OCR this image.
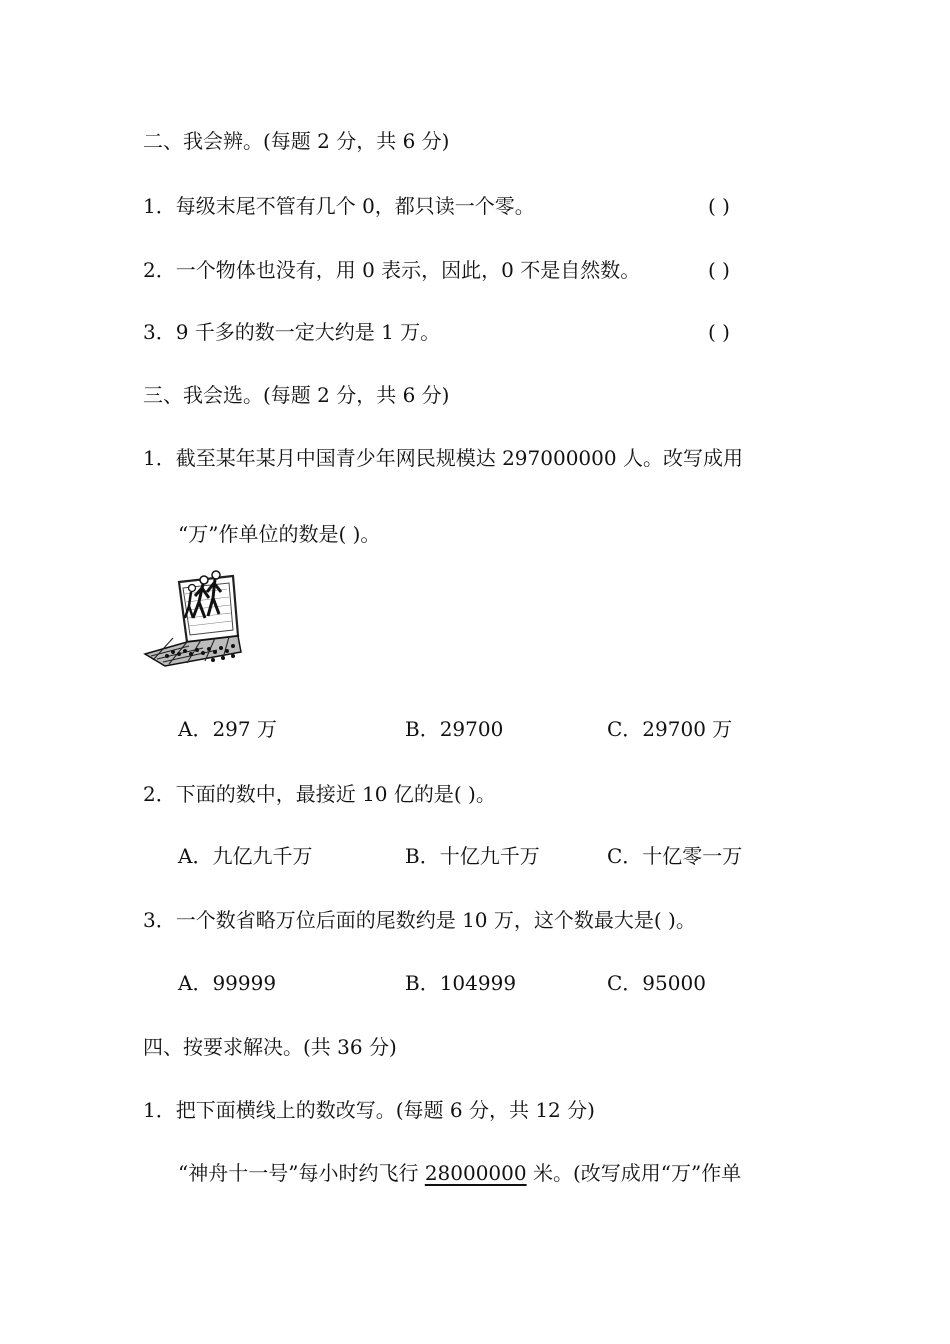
二、我会辨。(每题 2 分，共 6 分)
1．每级末尾不管有几个 0，都只读一个零。	( )
2．一个物体也没有，用 0 表示，因此，0 不是自然数。	( )
3．9 千多的数一定大约是 1 万。	( )
三、我会选。(每题 2 分，共 6 分)
1．截至某年某月中国青少年网民规模达 297000000 人。改写成用
“万”作单位的数是( )。
A．297 万	B．29700	C．29700 万
2．下面的数中，最接近 10 亿的是( )。
A．九亿九千万	B．十亿九千万	C．十亿零一万
3．一个数省略万位后面的尾数约是 10 万，这个数最大是( )。
A．99999	B．104999	C．95000
四、按要求解决。(共 36 分)
1．把下面横线上的数改写。(每题 6 分，共 12 分)
“神舟十一号”每小时约飞行 28000000 米。(改写成用“万”作单
